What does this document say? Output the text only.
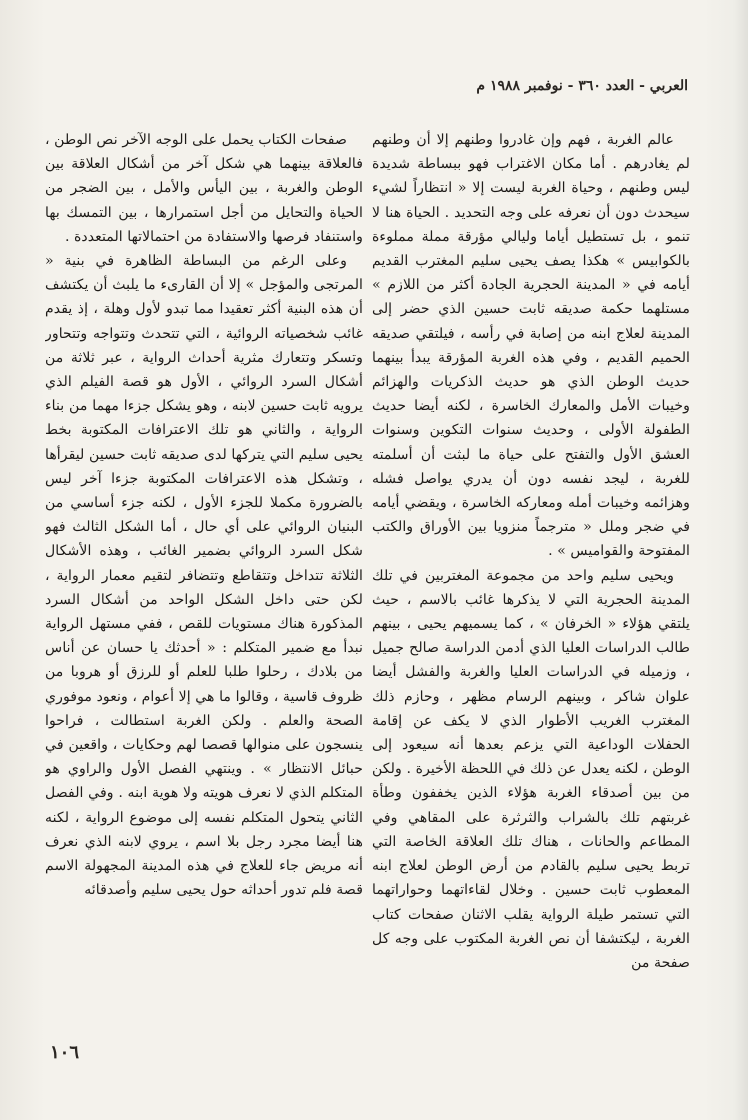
العربي - العدد ٣٦٠ - نوفمبر ١٩٨٨ م

عالم الغربة ، فهم وإن غادروا وطنهم إلا أن وطنهم لم يغادرهم . أما مكان الاغتراب فهو ببساطة شديدة ليس وطنهم ، وحياة الغربة ليست إلا « انتظاراً لشيء سيحدث دون أن نعرفه على وجه التحديد . الحياة هنا لا تنمو ، بل تستطيل أياما وليالي مؤرقة مملة مملوءة بالكوابيس » هكذا يصف يحيى سليم المغترب القديم أيامه في « المدينة الحجرية الجادة أكثر من اللازم » مستلهما حكمة صديقه ثابت حسين الذي حضر إلى المدينة لعلاج ابنه من إصابة في رأسه ، فيلتقي صديقه الحميم القديم ، وفي هذه الغربة المؤرقة يبدأ بينهما حديث الوطن الذي هو حديث الذكريات والهزائم وخيبات الأمل والمعارك الخاسرة ، لكنه أيضا حديث الطفولة الأولى ، وحديث سنوات التكوين وسنوات العشق الأول والتفتح على حياة ما لبثت أن أسلمته للغربة ، ليجد نفسه دون أن يدري يواصل فشله وهزائمه وخيبات أمله ومعاركه الخاسرة ، ويقضي أيامه في ضجر وملل « مترجماً منزويا بين الأوراق والكتب المفتوحة والقواميس » .

ويحيى سليم واحد من مجموعة المغتربين في تلك المدينة الحجرية التي لا يذكرها غائب بالاسم ، حيث يلتقي هؤلاء « الخرفان » ، كما يسميهم يحيى ، بينهم طالب الدراسات العليا الذي أدمن الدراسة صالح جميل ، وزميله في الدراسات العليا والغربة والفشل أيضا علوان شاكر ، وبينهم الرسام مظهر ، وحازم ذلك المغترب الغريب الأطوار الذي لا يكف عن إقامة الحفلات الوداعية التي يزعم بعدها أنه سيعود إلى الوطن ، لكنه يعدل عن ذلك في اللحظة الأخيرة . ولكن من بين أصدقاء الغربة هؤلاء الذين يخففون وطأة غربتهم تلك بالشراب والثرثرة على المقاهي وفي المطاعم والحانات ، هناك تلك العلاقة الخاصة التي تربط يحيى سليم بالقادم من أرض الوطن لعلاج ابنه المعطوب ثابت حسين . وخلال لقاءاتهما وحواراتهما التي تستمر طيلة الرواية يقلب الاثنان صفحات كتاب الغربة ، ليكتشفا أن نص الغربة المكتوب على وجه كل صفحة من

صفحات الكتاب يحمل على الوجه الآخر نص الوطن ، فالعلاقة بينهما هي شكل آخر من أشكال العلاقة بين الوطن والغربة ، بين اليأس والأمل ، بين الضجر من الحياة والتحايل من أجل استمرارها ، بين التمسك بها واستنفاد فرصها والاستفادة من احتمالاتها المتعددة .

وعلى الرغم من البساطة الظاهرة في بنية « المرتجى والمؤجل » إلا أن القارىء ما يلبث أن يكتشف أن هذه البنية أكثر تعقيدا مما تبدو لأول وهلة ، إذ يقدم غائب شخصياته الروائية ، التي تتحدث وتتواجه وتتحاور وتسكر وتتعارك مثرية أحداث الرواية ، عبر ثلاثة من أشكال السرد الروائي ، الأول هو قصة الفيلم الذي يرويه ثابت حسين لابنه ، وهو يشكل جزءا مهما من بناء الرواية ، والثاني هو تلك الاعترافات المكتوبة بخط يحيى سليم التي يتركها لدى صديقه ثابت حسين ليقرأها ، وتشكل هذه الاعترافات المكتوبة جزءا آخر ليس بالضرورة مكملا للجزء الأول ، لكنه جزء أساسي من البنيان الروائي على أي حال ، أما الشكل الثالث فهو شكل السرد الروائي بضمير الغائب ، وهذه الأشكال الثلاثة تتداخل وتتقاطع وتتضافر لتقيم معمار الرواية ، لكن حتى داخل الشكل الواحد من أشكال السرد المذكورة هناك مستويات للقص ، ففي مستهل الرواية نبدأ مع ضمير المتكلم : « أحدثك يا حسان عن أناس من بلادك ، رحلوا طلبا للعلم أو للرزق أو هروبا من ظروف قاسية ، وقالوا ما هي إلا أعوام ، ونعود موفوري الصحة والعلم . ولكن الغربة استطالت ، فراحوا ينسجون على منوالها قصصا لهم وحكايات ، واقعين في حبائل الانتظار » . وينتهي الفصل الأول والراوي هو المتكلم الذي لا نعرف هويته ولا هوية ابنه . وفي الفصل الثاني يتحول المتكلم نفسه إلى موضوع الرواية ، لكنه هنا أيضا مجرد رجل بلا اسم ، يروي لابنه الذي نعرف أنه مريض جاء للعلاج في هذه المدينة المجهولة الاسم قصة فلم تدور أحداثه حول يحيى سليم وأصدقائه

١٠٦
